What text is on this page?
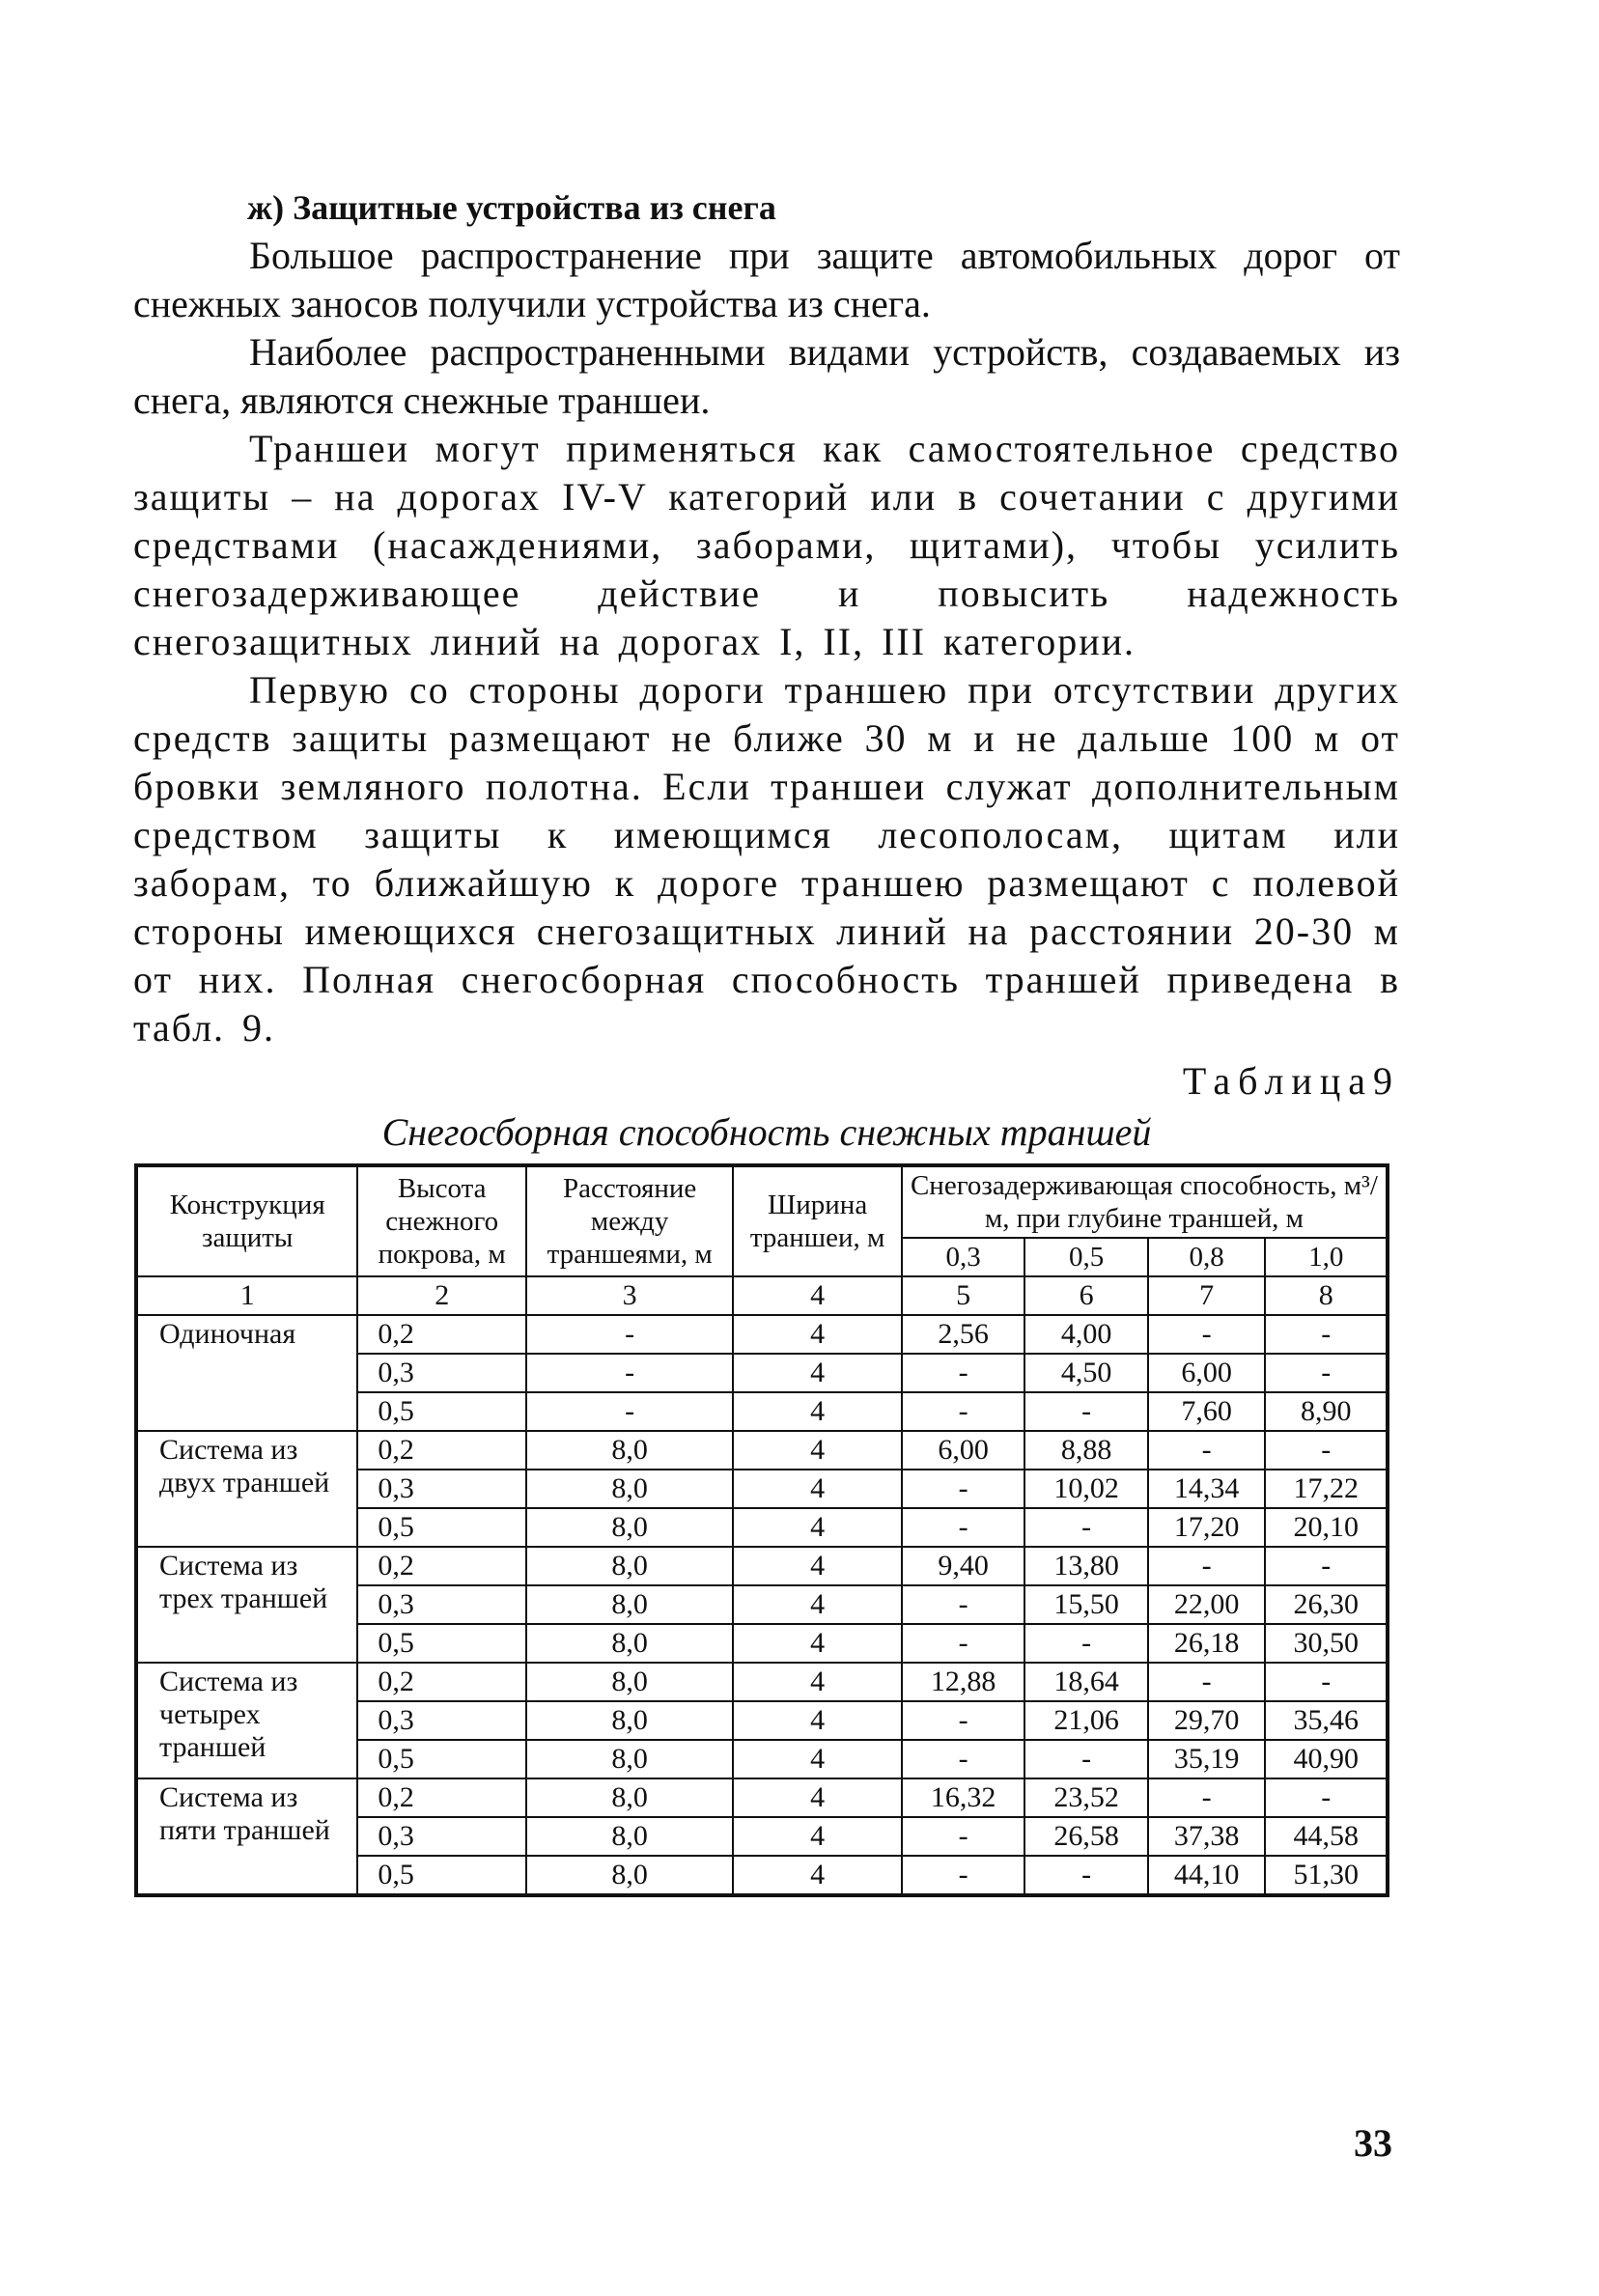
ж) Защитные устройства из снега

Большое распространение при защите автомобильных дорог от снежных заносов получили устройства из снега.

Наиболее распространенными видами устройств, создаваемых из снега, являются снежные траншеи.

Траншеи могут применяться как самостоятельное средство защиты – на дорогах IV-V категорий или в сочетании с другими средствами (насаждениями, заборами, щитами), чтобы усилить снегозадерживающее действие и повысить надежность снегозащитных линий на дорогах I, II, III категории.

Первую со стороны дороги траншею при отсутствии других средств защиты размещают не ближе 30 м и не дальше 100 м от бровки земляного полотна. Если траншеи служат дополнительным средством защиты к имеющимся лесополосам, щитам или заборам, то ближайшую к дороге траншею размещают с полевой стороны имеющихся снегозащитных линий на расстоянии 20-30 м от них. Полная снегосборная способность траншей приведена в табл. 9.

Таблица9
Снегосборная способность снежных траншей
Конструкция защиты	Высота снежного покрова, м	Расстояние между траншеями, м	Ширина траншеи, м	Снегозадерживающая способность, м³/м, при глубине траншей, м			
				0,3	0,5	0,8	1,0
1	2	3	4	5	6	7	8
Одиночная	0,2	-	4	2,56	4,00	-	-
	0,3	-	4	-	4,50	6,00	-
	0,5	-	4	-	-	7,60	8,90
Система из двух траншей	0,2	8,0	4	6,00	8,88	-	-
	0,3	8,0	4	-	10,02	14,34	17,22
	0,5	8,0	4	-	-	17,20	20,10
Система из трех траншей	0,2	8,0	4	9,40	13,80	-	-
	0,3	8,0	4	-	15,50	22,00	26,30
	0,5	8,0	4	-	-	26,18	30,50
Система из четырех траншей	0,2	8,0	4	12,88	18,64	-	-
	0,3	8,0	4	-	21,06	29,70	35,46
	0,5	8,0	4	-	-	35,19	40,90
Система из пяти траншей	0,2	8,0	4	16,32	23,52	-	-
	0,3	8,0	4	-	26,58	37,38	44,58
	0,5	8,0	4	-	-	44,10	51,30
33
